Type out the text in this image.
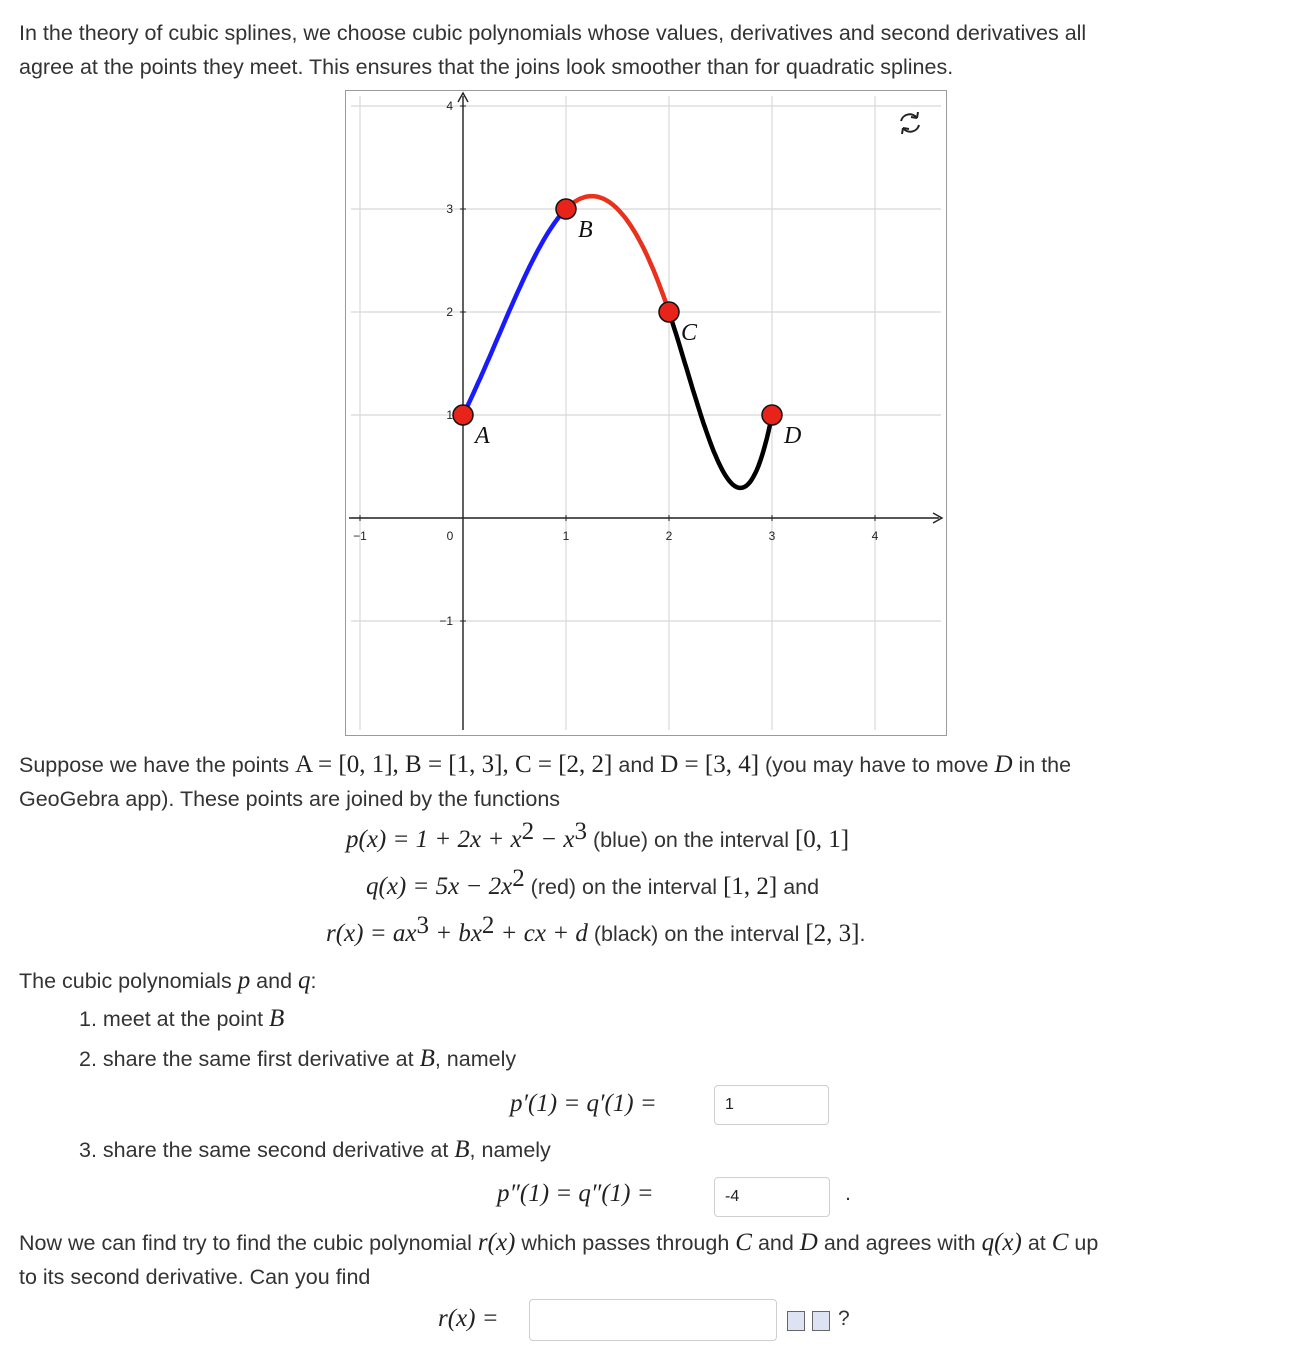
In the theory of cubic splines, we choose cubic polynomials whose values, derivatives and second derivatives all

agree at the points they meet. This ensures that the joins look smoother than for quadratic splines.

−1	0	1	2	3	4
4
3
2
1
−1
A
B
C
D

Suppose we have the points A = [0, 1], B = [1, 3], C = [2, 2] and D = [3, 4] (you may have to move D in the

GeoGebra app). These points are joined by the functions

$p(x) = 1 + 2x + x^2 - x^3$ (blue) on the interval [0, 1]
$q(x) = 5x - 2x^2$ (red) on the interval [1, 2] and
$r(x) = ax^3 + bx^2$ + cx + d (black) on the interval [2, 3].

The cubic polynomials p and q:

1. meet at the point B
2. share the same first derivative at B, namely
p′(1) = q′(1) =
1
3. share the same second derivative at B, namely
p″(1) = q″(1) =
-4	.

Now we can find try to find the cubic polynomial r(x) which passes through C and D and agrees with q(x) at C up

to its second derivative. Can you find

r(x) =	?
